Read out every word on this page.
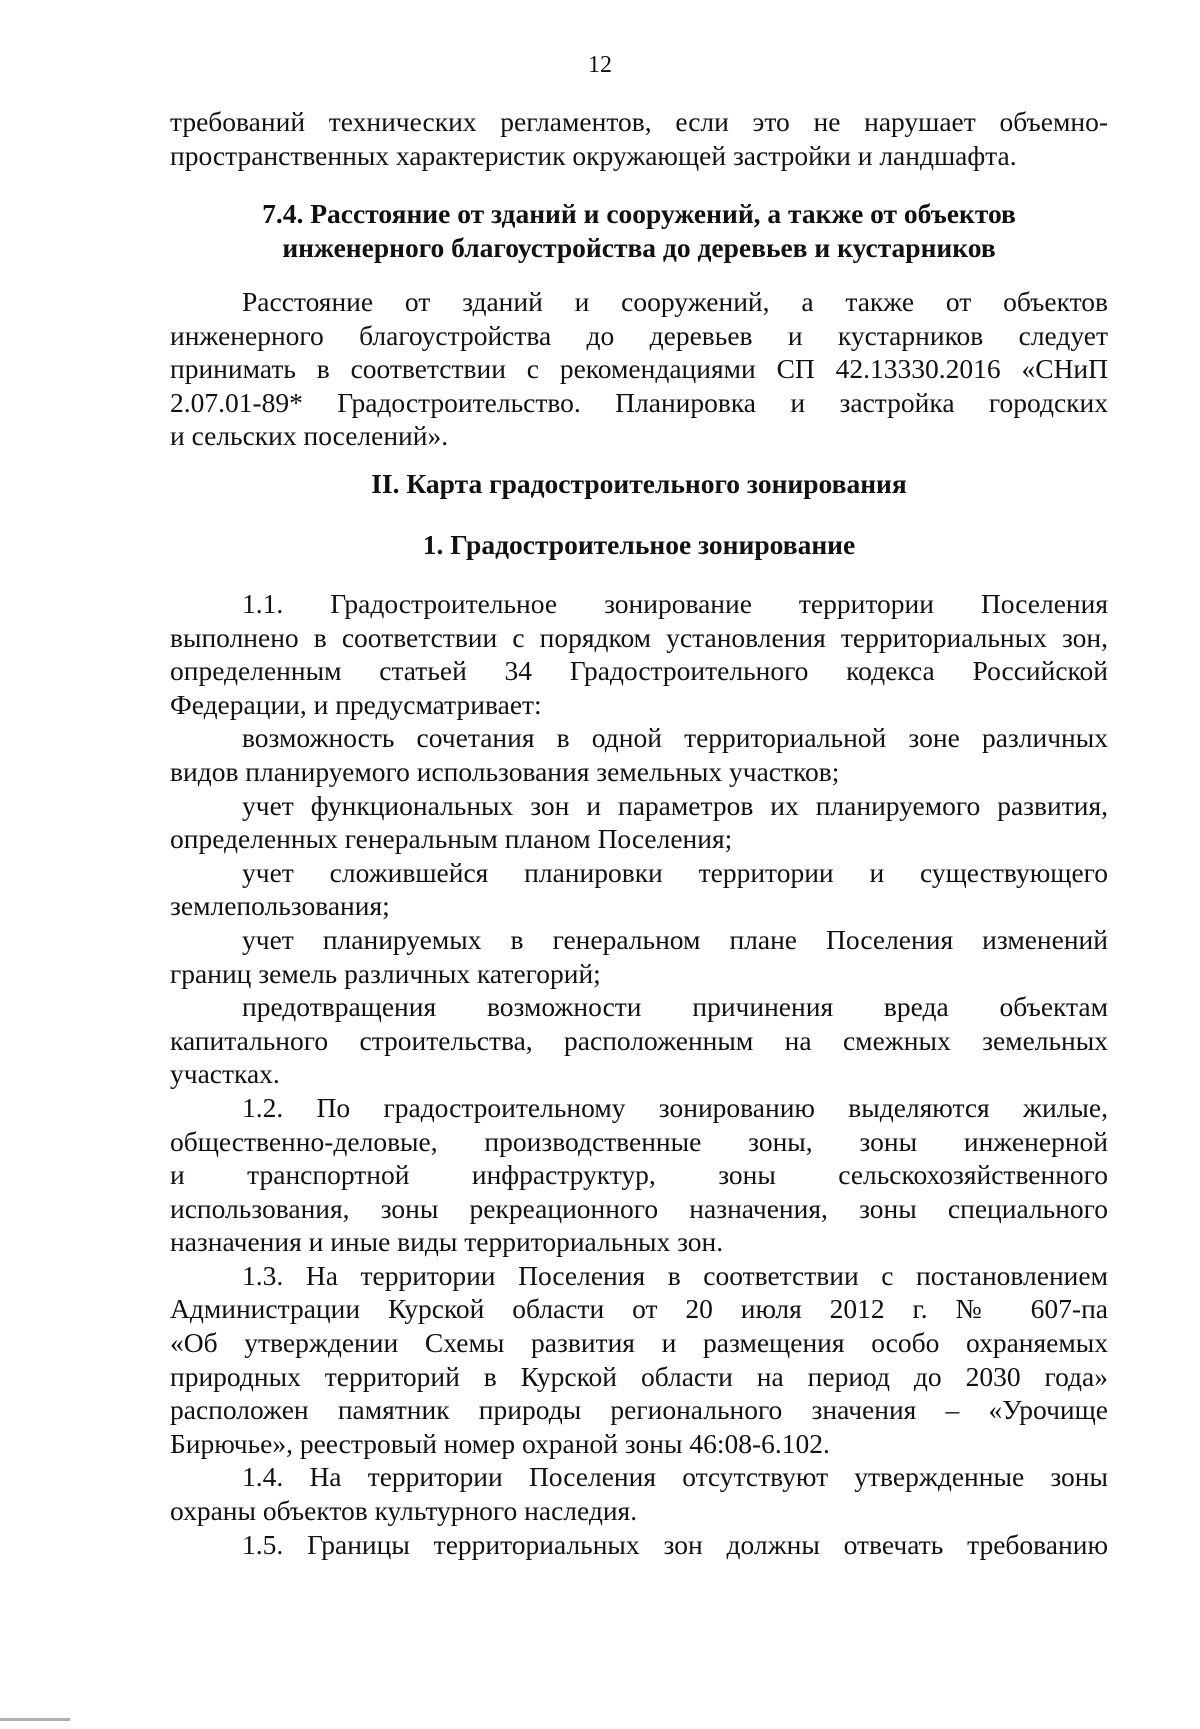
12
требований технических регламентов, если это не нарушает объемно-
пространственных характеристик окружающей застройки и ландшафта.
7.4. Расстояние от зданий и сооружений, а также от объектов
инженерного благоустройства до деревьев и кустарников
Расстояние от зданий и сооружений, а также от объектов
инженерного благоустройства до деревьев и кустарников следует
принимать в соответствии с рекомендациями СП 42.13330.2016 «СНиП
2.07.01-89* Градостроительство. Планировка и застройка городских
и сельских поселений».
II. Карта градостроительного зонирования
1. Градостроительное зонирование
1.1. Градостроительное зонирование территории Поселения
выполнено в соответствии с порядком установления территориальных зон,
определенным статьей 34 Градостроительного кодекса Российской
Федерации, и предусматривает:
возможность сочетания в одной территориальной зоне различных
видов планируемого использования земельных участков;
учет функциональных зон и параметров их планируемого развития,
определенных генеральным планом Поселения;
учет сложившейся планировки территории и существующего
землепользования;
учет планируемых в генеральном плане Поселения изменений
границ земель различных категорий;
предотвращения возможности причинения вреда объектам
капитального строительства, расположенным на смежных земельных
участках.
1.2. По градостроительному зонированию выделяются жилые,
общественно-деловые, производственные зоны, зоны инженерной
и транспортной инфраструктур, зоны сельскохозяйственного
использования, зоны рекреационного назначения, зоны специального
назначения и иные виды территориальных зон.
1.3. На территории Поселения в соответствии с постановлением
Администрации Курской области от 20 июля 2012 г. № 607-па
«Об утверждении Схемы развития и размещения особо охраняемых
природных территорий в Курской области на период до 2030 года»
расположен памятник природы регионального значения – «Урочище
Бирючье», реестровый номер охраной зоны 46:08-6.102.
1.4. На территории Поселения отсутствуют утвержденные зоны
охраны объектов культурного наследия.
1.5. Границы территориальных зон должны отвечать требованию
